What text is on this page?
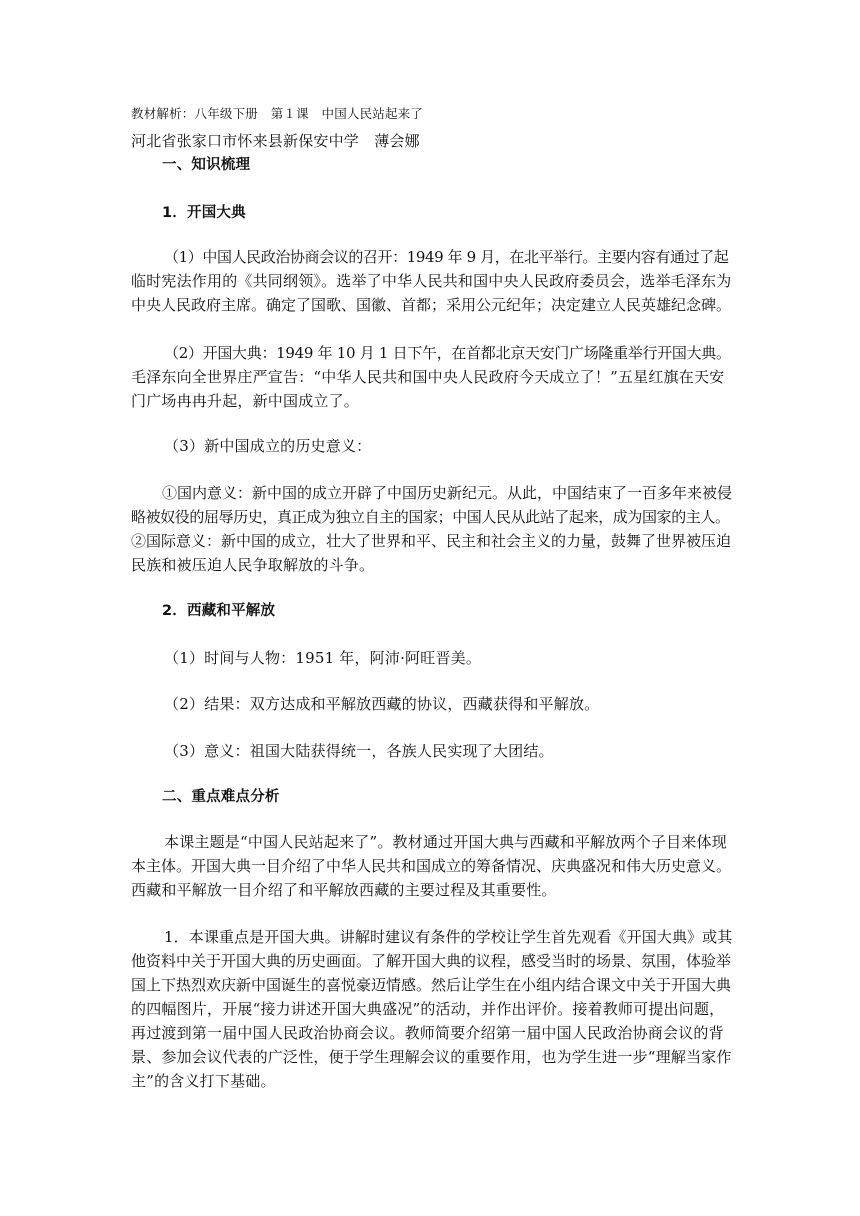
教材解析：八年级下册　第１课　中国人民站起来了
河北省张家口市怀来县新保安中学　薄会娜
一、知识梳理
1．开国大典
（1）中国人民政治协商会议的召开：1949 年 9 月，在北平举行。主要内容有通过了起
临时宪法作用的《共同纲领》。选举了中华人民共和国中央人民政府委员会，选举毛泽东为
中央人民政府主席。确定了国歌、国徽、首都；采用公元纪年；决定建立人民英雄纪念碑。
（2）开国大典：1949 年 10 月 1 日下午，在首都北京天安门广场隆重举行开国大典。
毛泽东向全世界庄严宣告：“中华人民共和国中央人民政府今天成立了！”五星红旗在天安
门广场冉冉升起，新中国成立了。
（3）新中国成立的历史意义：
①国内意义：新中国的成立开辟了中国历史新纪元。从此，中国结束了一百多年来被侵
略被奴役的屈辱历史，真正成为独立自主的国家；中国人民从此站了起来，成为国家的主人。
②国际意义：新中国的成立，壮大了世界和平、民主和社会主义的力量，鼓舞了世界被压迫
民族和被压迫人民争取解放的斗争。
2．西藏和平解放
（1）时间与人物：1951 年，阿沛·阿旺晋美。
（2）结果：双方达成和平解放西藏的协议，西藏获得和平解放。
（3）意义：祖国大陆获得统一，各族人民实现了大团结。
二、重点难点分析
本课主题是“中国人民站起来了”。教材通过开国大典与西藏和平解放两个子目来体现
本主体。开国大典一目介绍了中华人民共和国成立的筹备情况、庆典盛况和伟大历史意义。
西藏和平解放一目介绍了和平解放西藏的主要过程及其重要性。
1．本课重点是开国大典。讲解时建议有条件的学校让学生首先观看《开国大典》或其
他资料中关于开国大典的历史画面。了解开国大典的议程，感受当时的场景、氛围，体验举
国上下热烈欢庆新中国诞生的喜悦豪迈情感。然后让学生在小组内结合课文中关于开国大典
的四幅图片，开展“接力讲述开国大典盛况”的活动，并作出评价。接着教师可提出问题，
再过渡到第一届中国人民政治协商会议。教师简要介绍第一届中国人民政治协商会议的背
景、参加会议代表的广泛性，便于学生理解会议的重要作用，也为学生进一步“理解当家作
主”的含义打下基础。
